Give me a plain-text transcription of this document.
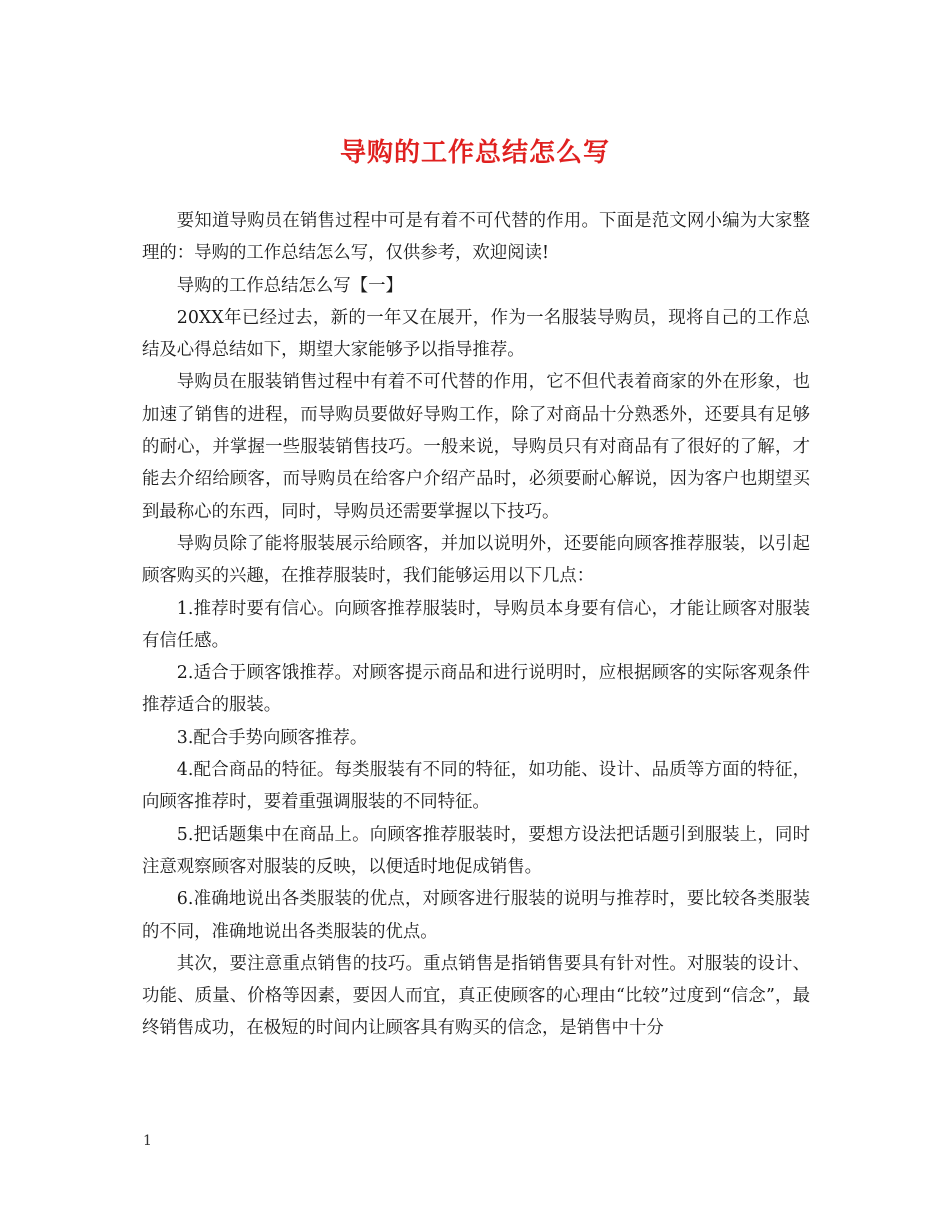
导购的工作总结怎么写

要知道导购员在销售过程中可是有着不可代替的作用。下面是范文网小编为大家整理的：导购的工作总结怎么写，仅供参考，欢迎阅读!

导购的工作总结怎么写【一】

20XX年已经过去，新的一年又在展开，作为一名服装导购员，现将自己的工作总结及心得总结如下，期望大家能够予以指导推荐。

导购员在服装销售过程中有着不可代替的作用，它不但代表着商家的外在形象，也加速了销售的进程，而导购员要做好导购工作，除了对商品十分熟悉外，还要具有足够的耐心，并掌握一些服装销售技巧。一般来说，导购员只有对商品有了很好的了解，才能去介绍给顾客，而导购员在给客户介绍产品时，必须要耐心解说，因为客户也期望买到最称心的东西，同时，导购员还需要掌握以下技巧。

导购员除了能将服装展示给顾客，并加以说明外，还要能向顾客推荐服装，以引起顾客购买的兴趣，在推荐服装时，我们能够运用以下几点：

1.推荐时要有信心。向顾客推荐服装时，导购员本身要有信心，才能让顾客对服装有信任感。

2.适合于顾客饿推荐。对顾客提示商品和进行说明时，应根据顾客的实际客观条件推荐适合的服装。

3.配合手势向顾客推荐。

4.配合商品的特征。每类服装有不同的特征，如功能、设计、品质等方面的特征，向顾客推荐时，要着重强调服装的不同特征。

5.把话题集中在商品上。向顾客推荐服装时，要想方设法把话题引到服装上，同时注意观察顾客对服装的反映，以便适时地促成销售。

6.准确地说出各类服装的优点，对顾客进行服装的说明与推荐时，要比较各类服装的不同，准确地说出各类服装的优点。

其次，要注意重点销售的技巧。重点销售是指销售要具有针对性。对服装的设计、功能、质量、价格等因素，要因人而宜，真正使顾客的心理由“比较”过度到“信念”，最终销售成功，在极短的时间内让顾客具有购买的信念，是销售中十分

1
